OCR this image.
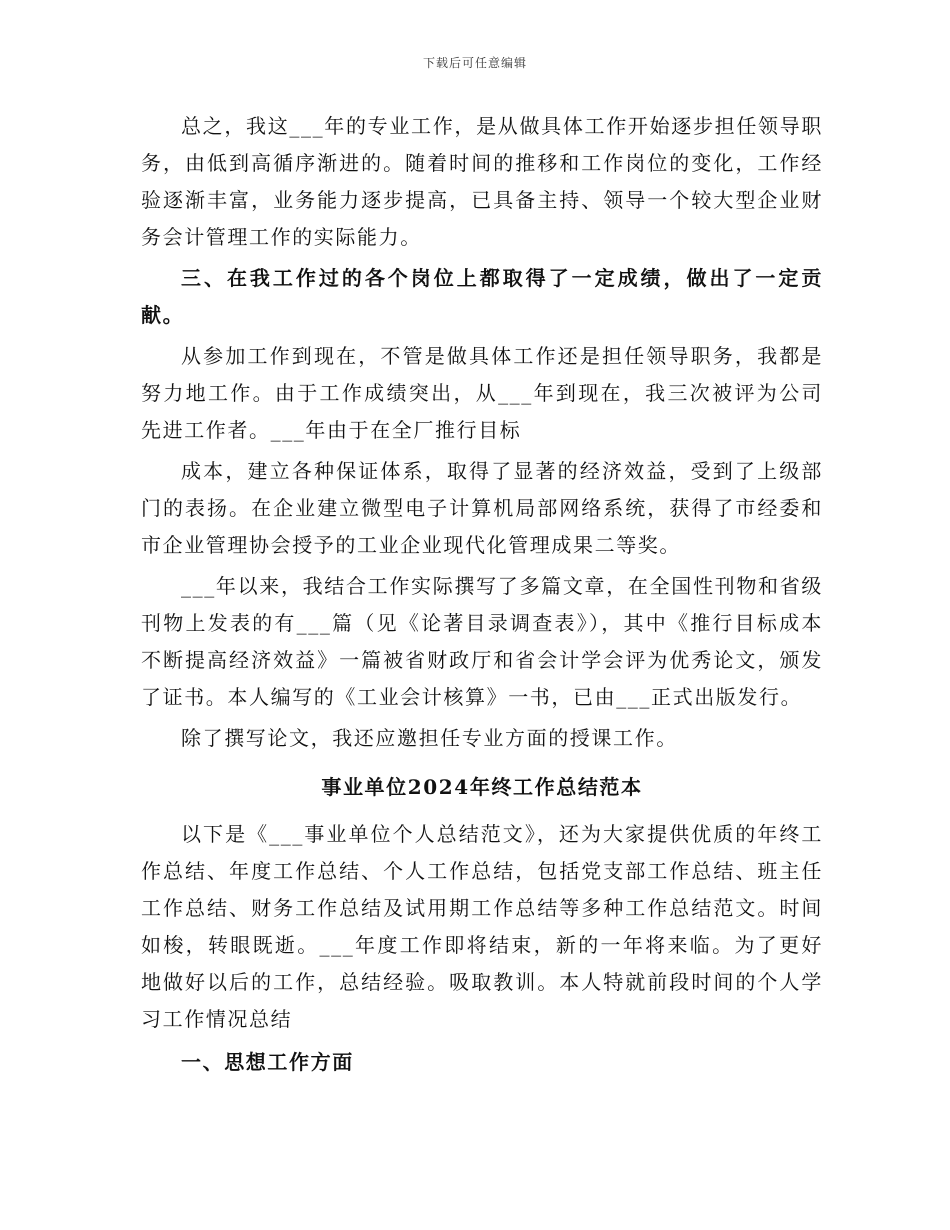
下载后可任意编辑

总之，我这___年的专业工作，是从做具体工作开始逐步担任领导职务，由低到高循序渐进的。随着时间的推移和工作岗位的变化，工作经验逐渐丰富，业务能力逐步提高，已具备主持、领导一个较大型企业财务会计管理工作的实际能力。

三、在我工作过的各个岗位上都取得了一定成绩，做出了一定贡献。

从参加工作到现在，不管是做具体工作还是担任领导职务，我都是努力地工作。由于工作成绩突出，从___年到现在，我三次被评为公司先进工作者。___年由于在全厂推行目标

成本，建立各种保证体系，取得了显著的经济效益，受到了上级部门的表扬。在企业建立微型电子计算机局部网络系统，获得了市经委和市企业管理协会授予的工业企业现代化管理成果二等奖。

___年以来，我结合工作实际撰写了多篇文章，在全国性刊物和省级刊物上发表的有___篇（见《论著目录调查表》），其中《推行目标成本不断提高经济效益》一篇被省财政厅和省会计学会评为优秀论文，颁发了证书。本人编写的《工业会计核算》一书，已由___正式出版发行。

除了撰写论文，我还应邀担任专业方面的授课工作。

事业单位2024年终工作总结范本

以下是《___事业单位个人总结范文》，还为大家提供优质的年终工作总结、年度工作总结、个人工作总结，包括党支部工作总结、班主任工作总结、财务工作总结及试用期工作总结等多种工作总结范文。时间如梭，转眼既逝。___年度工作即将结束，新的一年将来临。为了更好地做好以后的工作，总结经验。吸取教训。本人特就前段时间的个人学习工作情况总结

一、思想工作方面
